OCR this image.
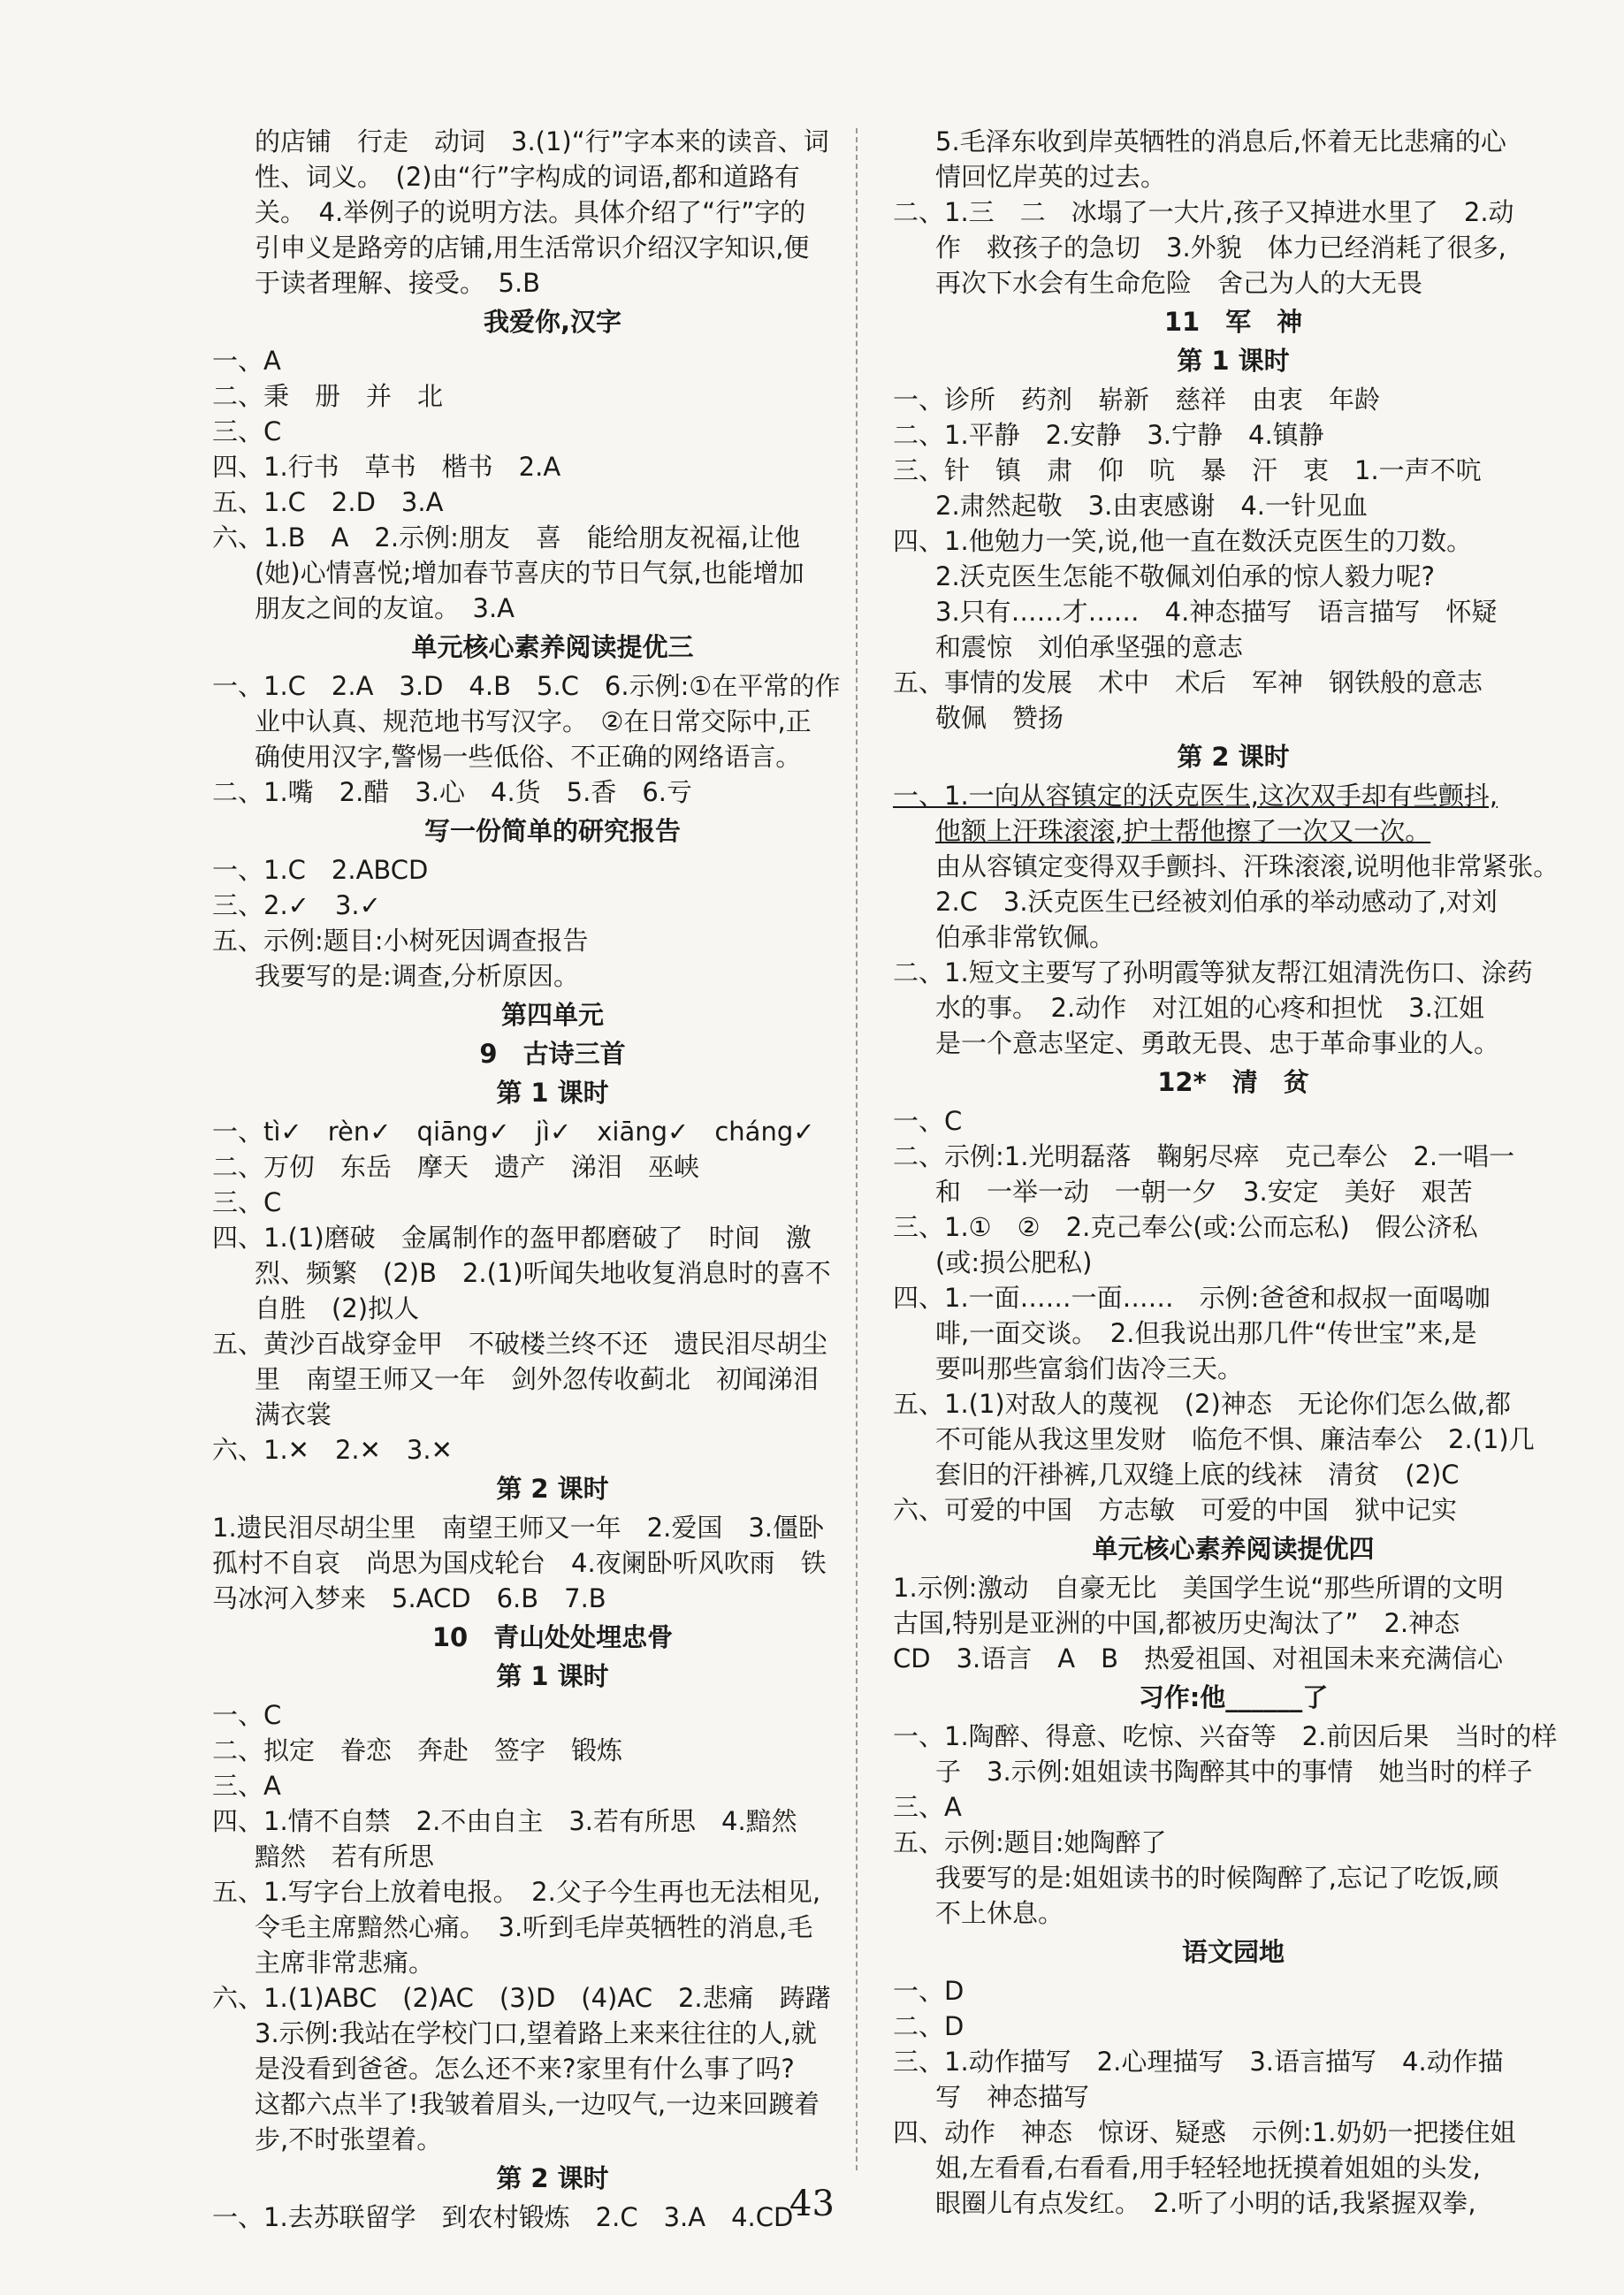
的店铺　行走　动词　3.(1)“行”字本来的读音、词
性、词义。　(2)由“行”字构成的词语,都和道路有
关。　4.举例子的说明方法。具体介绍了“行”字的
引申义是路旁的店铺,用生活常识介绍汉字知识,便
于读者理解、接受。　5.B
我爱你,汉字
一、A
二、秉　册　并　北
三、C
四、1.行书　草书　楷书　2.A
五、1.C　2.D　3.A
六、1.B　A　2.示例:朋友　喜　能给朋友祝福,让他
(她)心情喜悦;增加春节喜庆的节日气氛,也能增加
朋友之间的友谊。　3.A
单元核心素养阅读提优三
一、1.C　2.A　3.D　4.B　5.C　6.示例:①在平常的作
业中认真、规范地书写汉字。　②在日常交际中,正
确使用汉字,警惕一些低俗、不正确的网络语言。
二、1.嘴　2.醋　3.心　4.货　5.香　6.亏
写一份简单的研究报告
一、1.C　2.ABCD
三、2.✓　3.✓
五、示例:题目:小树死因调查报告
我要写的是:调查,分析原因。
第四单元
9　古诗三首
第 1 课时
一、tì✓　rèn✓　qiāng✓　jì✓　xiāng✓　cháng✓
二、万仞　东岳　摩天　遗产　涕泪　巫峡
三、C
四、1.(1)磨破　金属制作的盔甲都磨破了　时间　激
烈、频繁　(2)B　2.(1)听闻失地收复消息时的喜不
自胜　(2)拟人
五、黄沙百战穿金甲　不破楼兰终不还　遗民泪尽胡尘
里　南望王师又一年　剑外忽传收蓟北　初闻涕泪
满衣裳
六、1.✕　2.✕　3.✕
第 2 课时
1.遗民泪尽胡尘里　南望王师又一年　2.爱国　3.僵卧
孤村不自哀　尚思为国戍轮台　4.夜阑卧听风吹雨　铁
马冰河入梦来　5.ACD　6.B　7.B
10　青山处处埋忠骨
第 1 课时
一、C
二、拟定　眷恋　奔赴　签字　锻炼
三、A
四、1.情不自禁　2.不由自主　3.若有所思　4.黯然
黯然　若有所思
五、1.写字台上放着电报。　2.父子今生再也无法相见,
令毛主席黯然心痛。　3.听到毛岸英牺牲的消息,毛
主席非常悲痛。
六、1.(1)ABC　(2)AC　(3)D　(4)AC　2.悲痛　踌躇
3.示例:我站在学校门口,望着路上来来往往的人,就
是没看到爸爸。怎么还不来?家里有什么事了吗?
这都六点半了!我皱着眉头,一边叹气,一边来回踱着
步,不时张望着。
第 2 课时
一、1.去苏联留学　到农村锻炼　2.C　3.A　4.CD
5.毛泽东收到岸英牺牲的消息后,怀着无比悲痛的心
情回忆岸英的过去。
二、1.三　二　冰塌了一大片,孩子又掉进水里了　2.动
作　救孩子的急切　3.外貌　体力已经消耗了很多,
再次下水会有生命危险　舍己为人的大无畏
11　军　神
第 1 课时
一、诊所　药剂　崭新　慈祥　由衷　年龄
二、1.平静　2.安静　3.宁静　4.镇静
三、针　镇　肃　仰　吭　暴　汗　衷　1.一声不吭
2.肃然起敬　3.由衷感谢　4.一针见血
四、1.他勉力一笑,说,他一直在数沃克医生的刀数。
2.沃克医生怎能不敬佩刘伯承的惊人毅力呢?
3.只有……才……　4.神态描写　语言描写　怀疑
和震惊　刘伯承坚强的意志
五、事情的发展　术中　术后　军神　钢铁般的意志
敬佩　赞扬
第 2 课时
一、1.一向从容镇定的沃克医生,这次双手却有些颤抖,
他额上汗珠滚滚,护士帮他擦了一次又一次。
由从容镇定变得双手颤抖、汗珠滚滚,说明他非常紧张。
2.C　3.沃克医生已经被刘伯承的举动感动了,对刘
伯承非常钦佩。
二、1.短文主要写了孙明霞等狱友帮江姐清洗伤口、涂药
水的事。　2.动作　对江姐的心疼和担忧　3.江姐
是一个意志坚定、勇敢无畏、忠于革命事业的人。
12*　清　贫
一、C
二、示例:1.光明磊落　鞠躬尽瘁　克己奉公　2.一唱一
和　一举一动　一朝一夕　3.安定　美好　艰苦
三、1.①　②　2.克己奉公(或:公而忘私)　假公济私
(或:损公肥私)
四、1.一面……一面……　示例:爸爸和叔叔一面喝咖
啡,一面交谈。　2.但我说出那几件“传世宝”来,是
要叫那些富翁们齿冷三天。
五、1.(1)对敌人的蔑视　(2)神态　无论你们怎么做,都
不可能从我这里发财　临危不惧、廉洁奉公　2.(1)几
套旧的汗褂裤,几双缝上底的线袜　清贫　(2)C
六、可爱的中国　方志敏　可爱的中国　狱中记实
单元核心素养阅读提优四
1.示例:激动　自豪无比　美国学生说“那些所谓的文明
古国,特别是亚洲的中国,都被历史淘汰了”　2.神态
CD　3.语言　A　B　热爱祖国、对祖国未来充满信心
习作:他______了
一、1.陶醉、得意、吃惊、兴奋等　2.前因后果　当时的样
子　3.示例:姐姐读书陶醉其中的事情　她当时的样子
三、A
五、示例:题目:她陶醉了
我要写的是:姐姐读书的时候陶醉了,忘记了吃饭,顾
不上休息。
语文园地
一、D
二、D
三、1.动作描写　2.心理描写　3.语言描写　4.动作描
写　神态描写
四、动作　神态　惊讶、疑惑　示例:1.奶奶一把搂住姐
姐,左看看,右看看,用手轻轻地抚摸着姐姐的头发,
眼圈儿有点发红。　2.听了小明的话,我紧握双拳,
43
